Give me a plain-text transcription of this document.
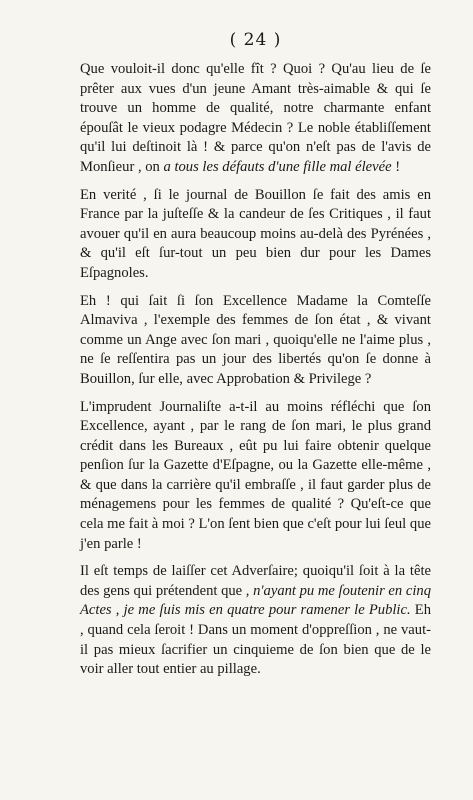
( 24 )

Que vouloit-il donc qu'elle fît ? Quoi ? Qu'au lieu de ſe prêter aux vues d'un jeune Amant très-aimable & qui ſe trouve un homme de qualité, notre charmante enfant épouſât le vieux podagre Médecin ? Le noble établiſſement qu'il lui deſtinoit là ! & parce qu'on n'eſt pas de l'avis de Monſieur , on a tous les défauts d'une fille mal élevée !

En verité , ſi le journal de Bouillon ſe fait des amis en France par la juſteſſe & la candeur de ſes Critiques , il faut avouer qu'il en aura beaucoup moins au-delà des Pyrénées , & qu'il eſt ſur-tout un peu bien dur pour les Dames Eſpagnoles.

Eh ! qui ſait ſi ſon Excellence Madame la Comteſſe Almaviva , l'exemple des femmes de ſon état , & vivant comme un Ange avec ſon mari , quoiqu'elle ne l'aime plus , ne ſe reſſentira pas un jour des libertés qu'on ſe donne à Bouillon, ſur elle, avec Approbation & Privilege ?

L'imprudent Journaliſte a-t-il au moins réfléchi que ſon Excellence, ayant , par le rang de ſon mari, le plus grand crédit dans les Bureaux , eût pu lui faire obtenir quelque penſion ſur la Gazette d'Eſpagne, ou la Gazette elle-même , & que dans la carrière qu'il embraſſe , il faut garder plus de ménagemens pour les femmes de qualité ? Qu'eſt-ce que cela me fait à moi ? L'on ſent bien que c'eſt pour lui ſeul que j'en parle !

Il eſt temps de laiſſer cet Adverſaire; quoiqu'il ſoit à la tête des gens qui prétendent que , n'ayant pu me ſoutenir en cinq Actes , je me ſuis mis en quatre pour ramener le Public. Eh , quand cela ſeroit ! Dans un moment d'oppreſſion , ne vaut-il pas mieux ſacrifier un cinquieme de ſon bien que de le voir aller tout entier au pillage.
